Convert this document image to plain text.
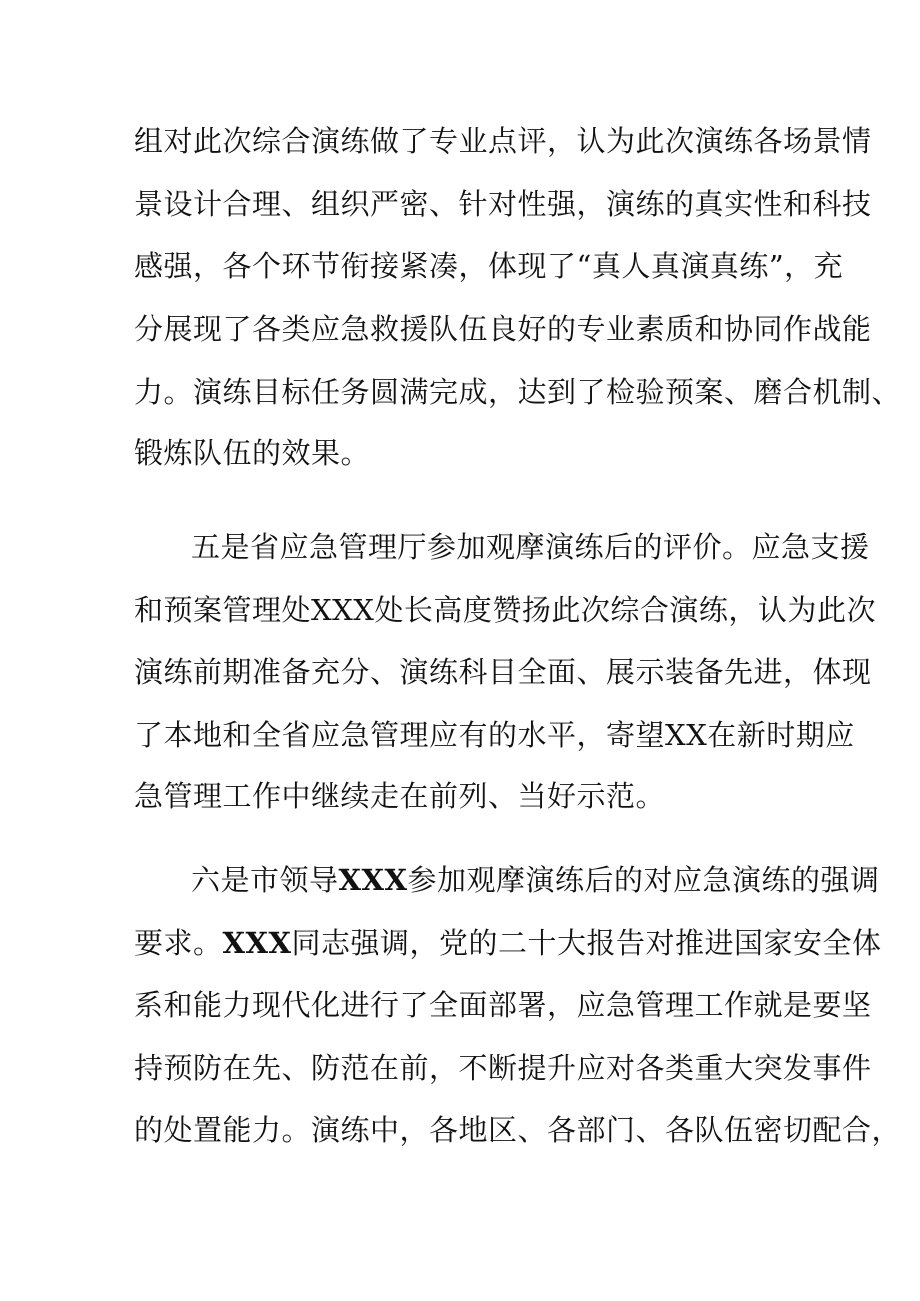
组对此次综合演练做了专业点评，认为此次演练各场景情
景设计合理、组织严密、针对性强，演练的真实性和科技
感强，各个环节衔接紧凑，体现了“真人真演真练”，充
分展现了各类应急救援队伍良好的专业素质和协同作战能
力。演练目标任务圆满完成，达到了检验预案、磨合机制、
锻炼队伍的效果。
五是省应急管理厅参加观摩演练后的评价。应急支援
和预案管理处XXX处长高度赞扬此次综合演练，认为此次
演练前期准备充分、演练科目全面、展示装备先进，体现
了本地和全省应急管理应有的水平，寄望XX在新时期应
急管理工作中继续走在前列、当好示范。
六是市领导XXX参加观摩演练后的对应急演练的强调
要求。XXX同志强调，党的二十大报告对推进国家安全体
系和能力现代化进行了全面部署，应急管理工作就是要坚
持预防在先、防范在前，不断提升应对各类重大突发事件
的处置能力。演练中，各地区、各部门、各队伍密切配合，
